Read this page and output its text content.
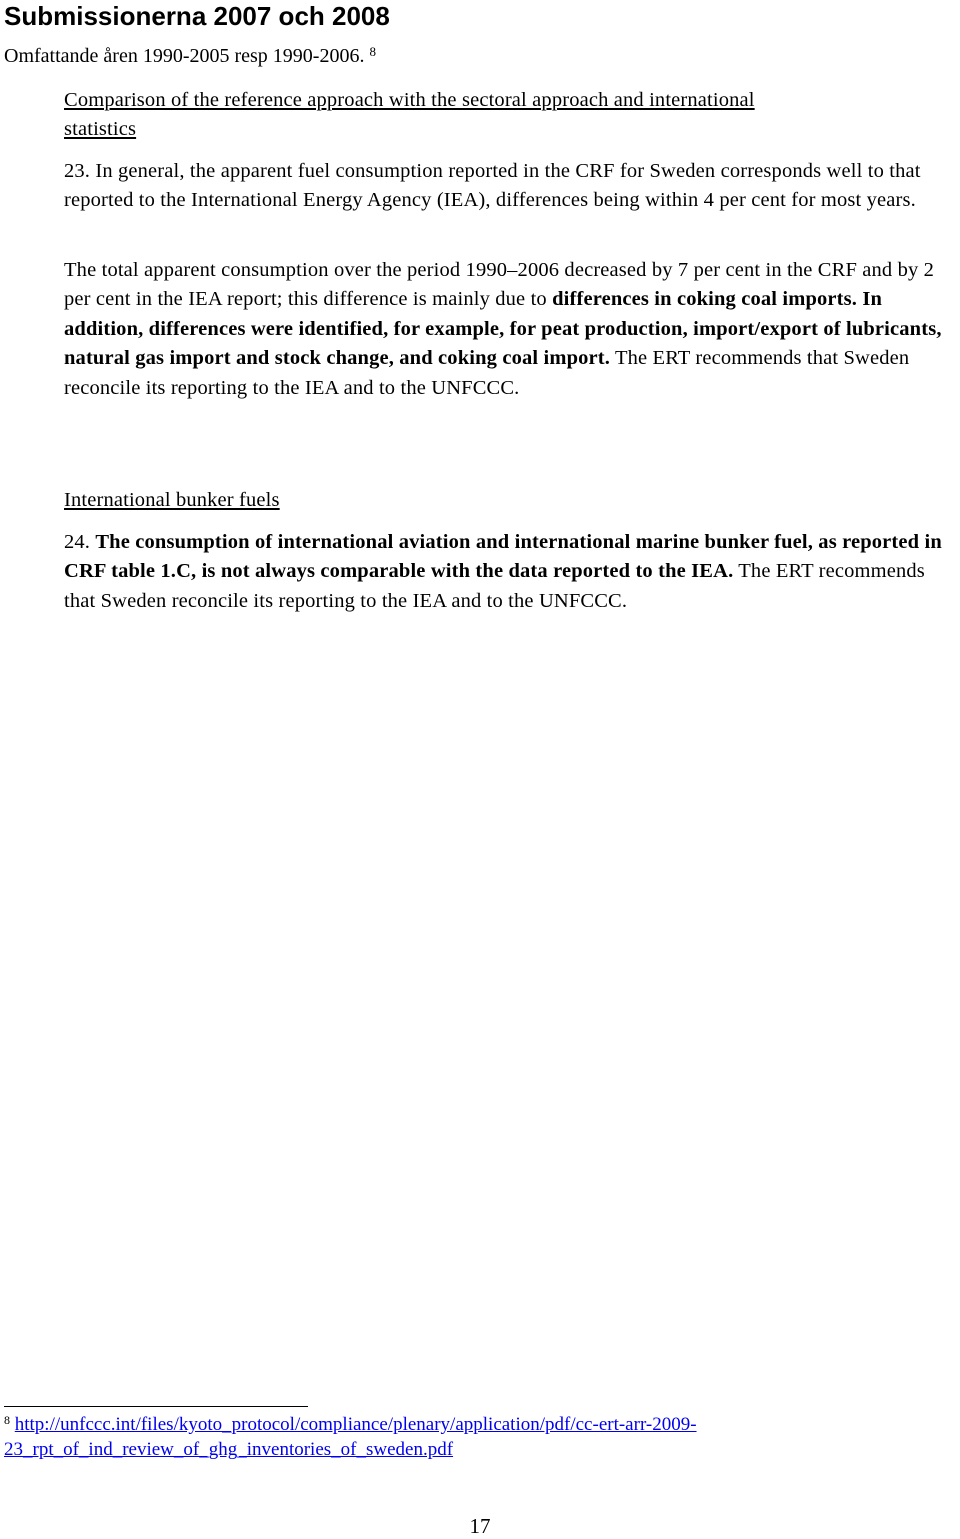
Submissionerna 2007 och 2008
Omfattande åren 1990-2005 resp 1990-2006. $^8$
Comparison of the reference approach with the sectoral approach and international
statistics
23. In general, the apparent fuel consumption reported in the CRF for Sweden corresponds well to that reported to the International Energy Agency (IEA), differences being within 4 per cent for most years.
The total apparent consumption over the period 1990–2006 decreased by 7 per cent in the CRF and by 2 per cent in the IEA report; this difference is mainly due to differences in coking coal imports. In addition, differences were identified, for example, for peat production, import/export of lubricants, natural gas import and stock change, and coking coal import. The ERT recommends that Sweden reconcile its reporting to the IEA and to the UNFCCC.
International bunker fuels
24. The consumption of international aviation and international marine bunker fuel, as reported in CRF table 1.C, is not always comparable with the data reported to the IEA. The ERT recommends that Sweden reconcile its reporting to the IEA and to the UNFCCC.
$^8$ http://unfccc.int/files/kyoto_protocol/compliance/plenary/application/pdf/cc-ert-arr-2009-23_rpt_of_ind_review_of_ghg_inventories_of_sweden.pdf
17
